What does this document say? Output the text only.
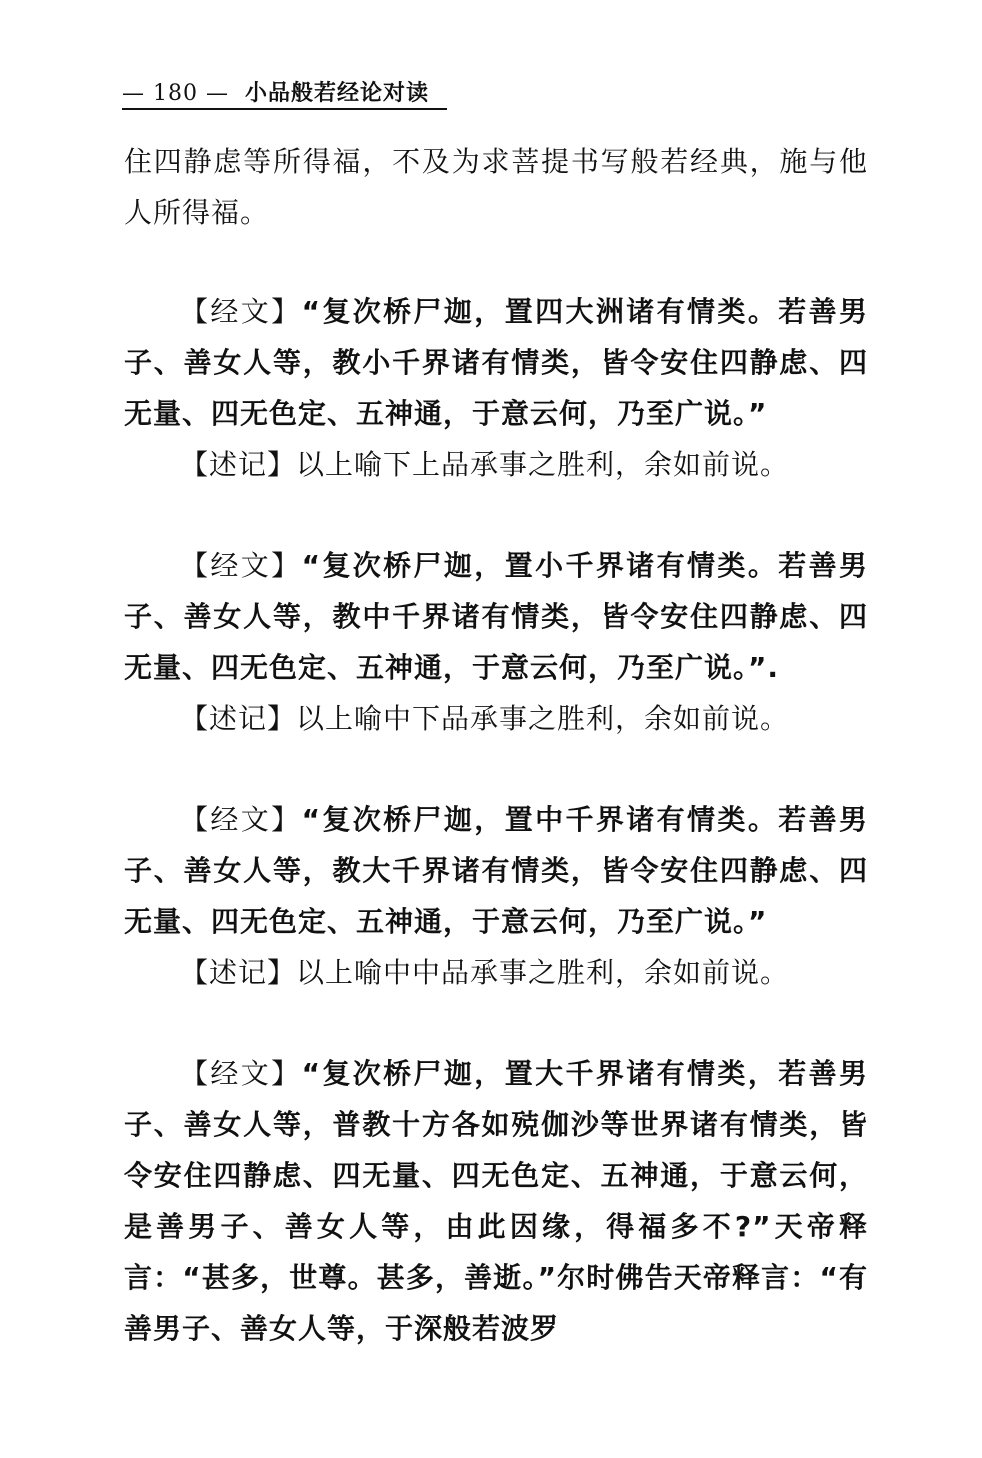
— 180 — 小品般若经论对读

住四静虑等所得福，不及为求菩提书写般若经典，施与他人所得福。

【经文】“复次桥尸迦，置四大洲诸有情类。若善男子、善女人等，教小千界诸有情类，皆令安住四静虑、四无量、四无色定、五神通，于意云何，乃至广说。”

【述记】以上喻下上品承事之胜利，余如前说。

【经文】“复次桥尸迦，置小千界诸有情类。若善男子、善女人等，教中千界诸有情类，皆令安住四静虑、四无量、四无色定、五神通，于意云何，乃至广说。”.

【述记】以上喻中下品承事之胜利，余如前说。

【经文】“复次桥尸迦，置中千界诸有情类。若善男子、善女人等，教大千界诸有情类，皆令安住四静虑、四无量、四无色定、五神通，于意云何，乃至广说。”

【述记】以上喻中中品承事之胜利，余如前说。

【经文】“复次桥尸迦，置大千界诸有情类，若善男子、善女人等，普教十方各如殑伽沙等世界诸有情类，皆令安住四静虑、四无量、四无色定、五神通，于意云何，是善男子、善女人等，由此因缘，得福多不?”天帝释言：“甚多，世尊。甚多，善逝。”尔时佛告天帝释言：“有善男子、善女人等，于深般若波罗
